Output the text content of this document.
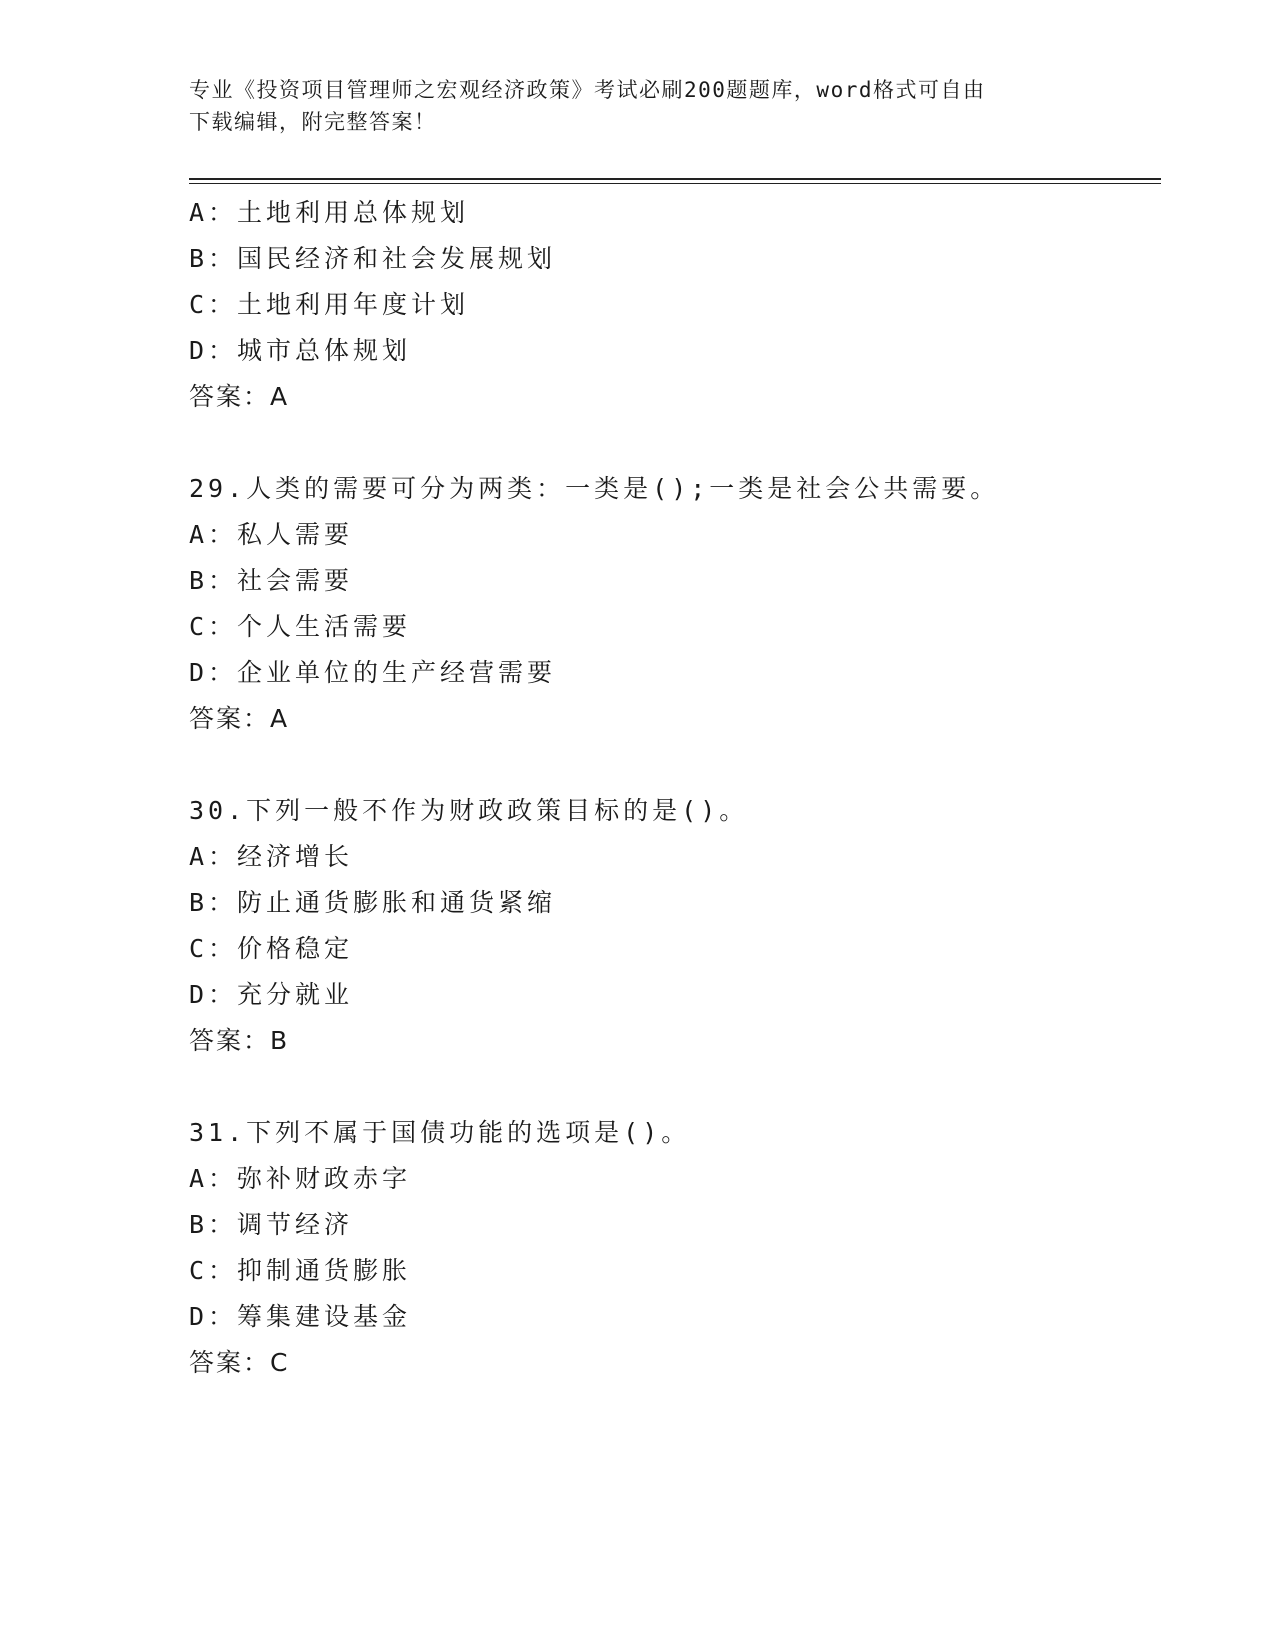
专业《投资项目管理师之宏观经济政策》考试必刷200题题库，word格式可自由
下载编辑，附完整答案！
A：土地利用总体规划
B：国民经济和社会发展规划
C：土地利用年度计划
D：城市总体规划
答案：A
29.人类的需要可分为两类：一类是();一类是社会公共需要。
A：私人需要
B：社会需要
C：个人生活需要
D：企业单位的生产经营需要
答案：A
30.下列一般不作为财政政策目标的是()。
A：经济增长
B：防止通货膨胀和通货紧缩
C：价格稳定
D：充分就业
答案：B
31.下列不属于国债功能的选项是()。
A：弥补财政赤字
B：调节经济
C：抑制通货膨胀
D：筹集建设基金
答案：C
